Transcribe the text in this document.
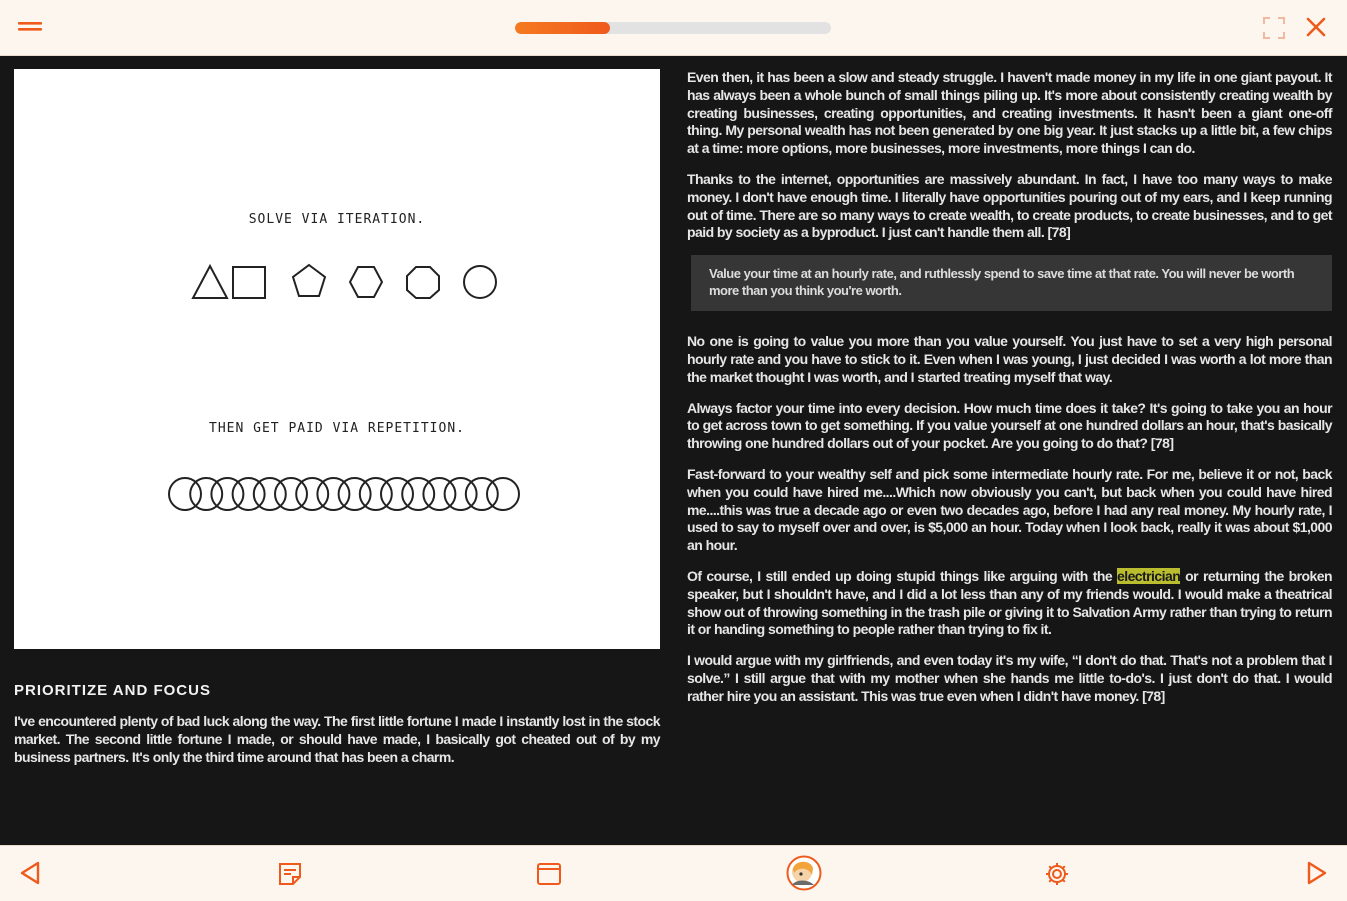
SOLVE VIA ITERATION.
THEN GET PAID VIA REPETITION.
PRIORITIZE AND FOCUS

I've encountered plenty of bad luck along the way. The first little fortune I made I instantly lost in the stock market. The second little fortune I made, or should have made, I basically got cheated out of by my business partners. It's only the third time around that has been a charm.

Even then, it has been a slow and steady struggle. I haven't made money in my life in one giant payout. It has always been a whole bunch of small things piling up. It's more about consistently creating wealth by creating businesses, creating opportunities, and creating investments. It hasn't been a giant one-off thing. My personal wealth has not been generated by one big year. It just stacks up a little bit, a few chips at a time: more options, more businesses, more investments, more things I can do.

Thanks to the internet, opportunities are massively abundant. In fact, I have too many ways to make money. I don't have enough time. I literally have opportunities pouring out of my ears, and I keep running out of time. There are so many ways to create wealth, to create products, to create businesses, and to get paid by society as a byproduct. I just can't handle them all. [78]

Value your time at an hourly rate, and ruthlessly spend to save time at that rate. You will never be worth more than you think you're worth.

No one is going to value you more than you value yourself. You just have to set a very high personal hourly rate and you have to stick to it. Even when I was young, I just decided I was worth a lot more than the market thought I was worth, and I started treating myself that way.

Always factor your time into every decision. How much time does it take? It's going to take you an hour to get across town to get something. If you value yourself at one hundred dollars an hour, that's basically throwing one hundred dollars out of your pocket. Are you going to do that? [78]

Fast-forward to your wealthy self and pick some intermediate hourly rate. For me, believe it or not, back when you could have hired me....Which now obviously you can't, but back when you could have hired me....this was true a decade ago or even two decades ago, before I had any real money. My hourly rate, I used to say to myself over and over, is $5,000 an hour. Today when I look back, really it was about $1,000 an hour.

Of course, I still ended up doing stupid things like arguing with the electrician or returning the broken speaker, but I shouldn't have, and I did a lot less than any of my friends would. I would make a theatrical show out of throwing something in the trash pile or giving it to Salvation Army rather than trying to return it or handing something to people rather than trying to fix it.

I would argue with my girlfriends, and even today it's my wife, “I don't do that. That's not a problem that I solve.” I still argue that with my mother when she hands me little to-do's. I just don't do that. I would rather hire you an assistant. This was true even when I didn't have money. [78]
